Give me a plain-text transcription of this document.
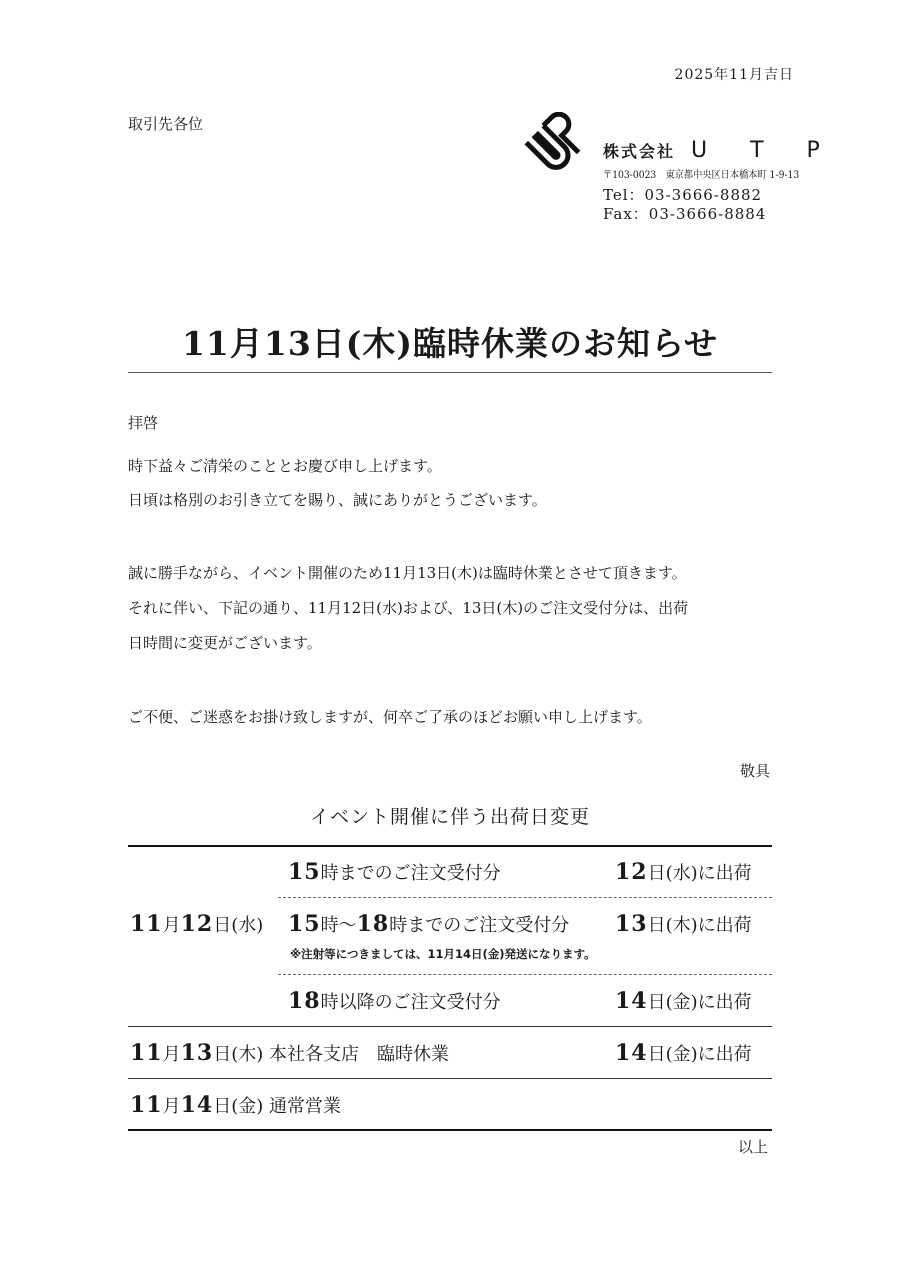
2025年11月吉日
取引先各位
株式会社 U T P
〒103-0023　東京都中央区日本橋本町 1-9-13
Tel：03-3666-8882
Fax：03-3666-8884
11月13日(木)臨時休業のお知らせ
拝啓
時下益々ご清栄のこととお慶び申し上げます。
日頃は格別のお引き立てを賜り、誠にありがとうございます。
誠に勝手ながら、イベント開催のため11月13日(木)は臨時休業とさせて頂きます。
それに伴い、下記の通り、11月12日(水)および、13日(木)のご注文受付分は、出荷
日時間に変更がございます。
ご不便、ご迷惑をお掛け致しますが、何卒ご了承のほどお願い申し上げます。
敬具
イベント開催に伴う出荷日変更
11月12日(水)
15時までのご注文受付分	12日(水)に出荷
15時〜18時までのご注文受付分 13日(木)に出荷
※注射等につきましては、11月14日(金)発送になります。
18時以降のご注文受付分	14日(金)に出荷
11月13日(木) 本社各支店　臨時休業	14日(金)に出荷
11月14日(金) 通常営業
以上
